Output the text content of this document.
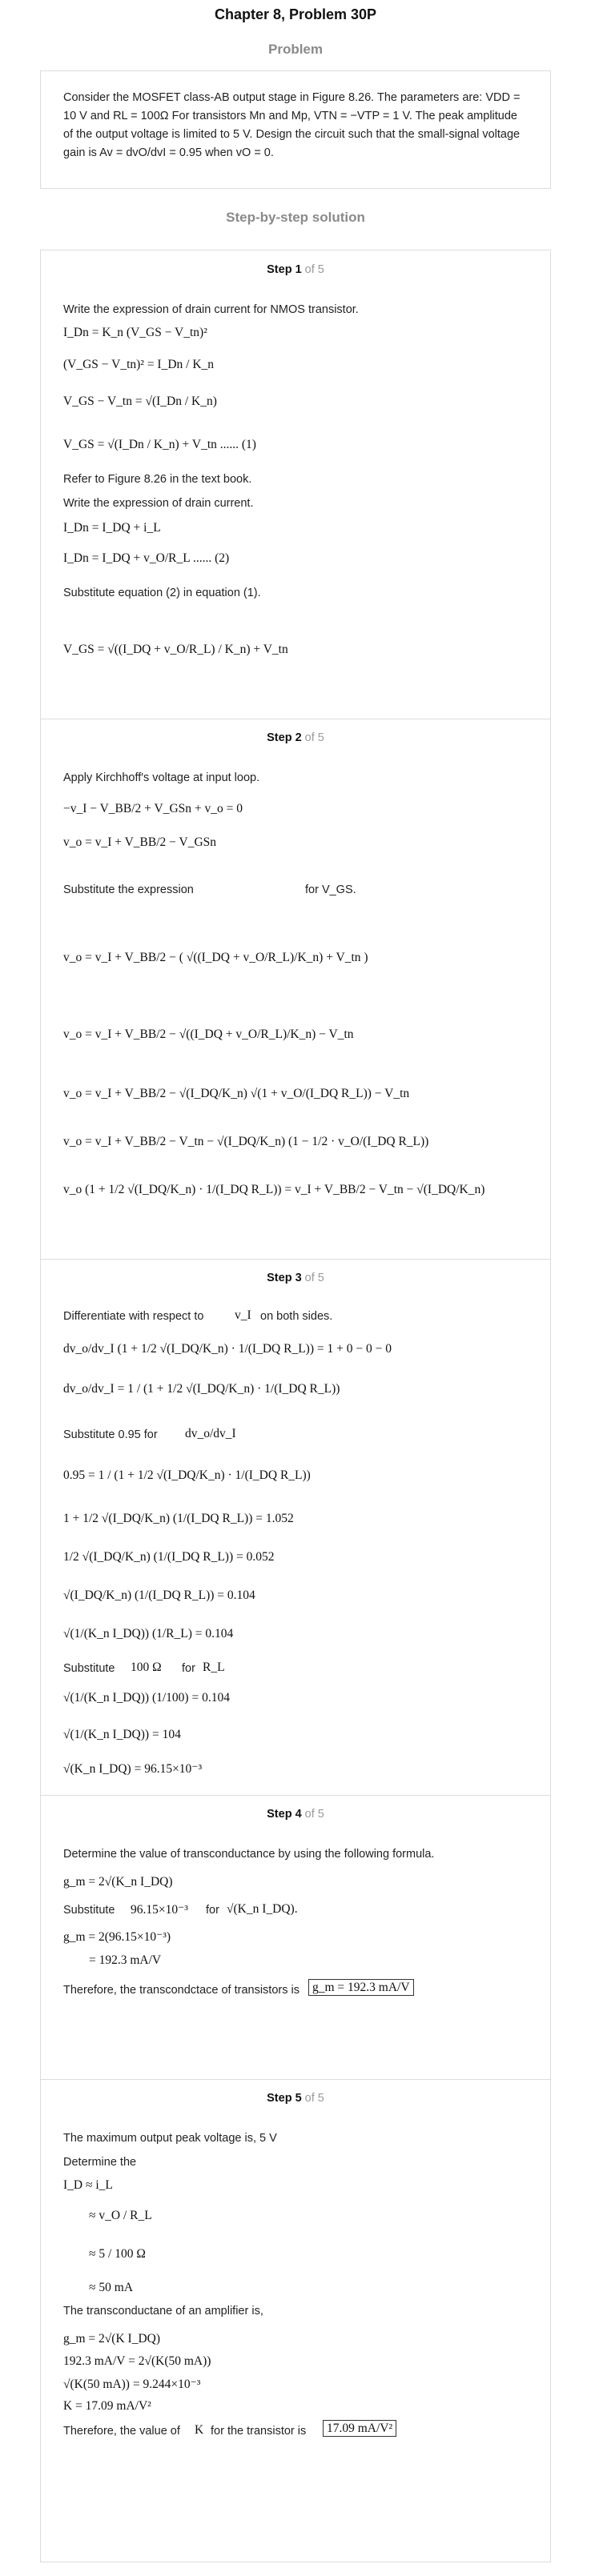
Chapter 8, Problem 30P
Problem
Consider the MOSFET class-AB output stage in Figure 8.26. The parameters are: VDD = 10 V and RL = 100Ω For transistors Mn and Mp, VTN = −VTP = 1 V. The peak amplitude of the output voltage is limited to 5 V. Design the circuit such that the small-signal voltage gain is Av = dvO/dvI = 0.95 when vO = 0.
Step-by-step solution
Step 1 of 5
Write the expression of drain current for NMOS transistor.
I_Dn = K_n (V_GS − V_tn)²
(V_GS − V_tn)² = I_Dn / K_n
V_GS − V_tn = √(I_Dn / K_n)
V_GS = √(I_Dn / K_n) + V_tn ...... (1)
Refer to Figure 8.26 in the text book.
Write the expression of drain current.
I_Dn = I_DQ + i_L
I_Dn = I_DQ + v_O/R_L ...... (2)
Substitute equation (2) in equation (1).
V_GS = √((I_DQ + v_O/R_L) / K_n) + V_tn
Step 2 of 5
Apply Kirchhoff's voltage at input loop.
−v_I − V_BB/2 + V_GSn + v_o = 0
v_o = v_I + V_BB/2 − V_GSn
Substitute the expression	for V_GS.
v_o = v_I + V_BB/2 − ( √((I_DQ + v_O/R_L)/K_n) + V_tn )
v_o = v_I + V_BB/2 − √((I_DQ + v_O/R_L)/K_n) − V_tn
v_o = v_I + V_BB/2 − √(I_DQ/K_n) √(1 + v_O/(I_DQ R_L)) − V_tn
v_o = v_I + V_BB/2 − V_tn − √(I_DQ/K_n) (1 − 1/2 · v_O/(I_DQ R_L))
v_o (1 + 1/2 √(I_DQ/K_n) · 1/(I_DQ R_L)) = v_I + V_BB/2 − V_tn − √(I_DQ/K_n)
Step 3 of 5
Differentiate with respect to v_I on both sides.
dv_o/dv_I (1 + 1/2 √(I_DQ/K_n) · 1/(I_DQ R_L)) = 1 + 0 − 0 − 0
dv_o/dv_I = 1 / (1 + 1/2 √(I_DQ/K_n) · 1/(I_DQ R_L))
Substitute 0.95 for dv_o/dv_I
0.95 = 1 / (1 + 1/2 √(I_DQ/K_n) · 1/(I_DQ R_L))
1 + 1/2 √(I_DQ/K_n) (1/(I_DQ R_L)) = 1.052
1/2 √(I_DQ/K_n) (1/(I_DQ R_L)) = 0.052
√(I_DQ/K_n) (1/(I_DQ R_L)) = 0.104
√(1/(K_n I_DQ)) (1/R_L) = 0.104
Substitute 100 Ω for R_L
√(1/(K_n I_DQ)) (1/100) = 0.104
√(1/(K_n I_DQ)) = 104
√(K_n I_DQ) = 96.15×10⁻³
Step 4 of 5
Determine the value of transconductance by using the following formula.
g_m = 2√(K_n I_DQ)
Substitute 96.15×10⁻³ for √(K_n I_DQ).
g_m = 2(96.15×10⁻³)
= 192.3 mA/V
Therefore, the transcondctace of transistors is	g_m = 192.3 mA/V
Step 5 of 5
The maximum output peak voltage is, 5 V
Determine the
I_D ≈ i_L
≈ v_O / R_L
≈ 5 / 100 Ω
≈ 50 mA
The transconductane of an amplifier is,
g_m = 2√(K I_DQ)
192.3 mA/V = 2√(K(50 mA))
√(K(50 mA)) = 9.244×10⁻³
K = 17.09 mA/V²
Therefore, the value of K for the transistor is	17.09 mA/V²
